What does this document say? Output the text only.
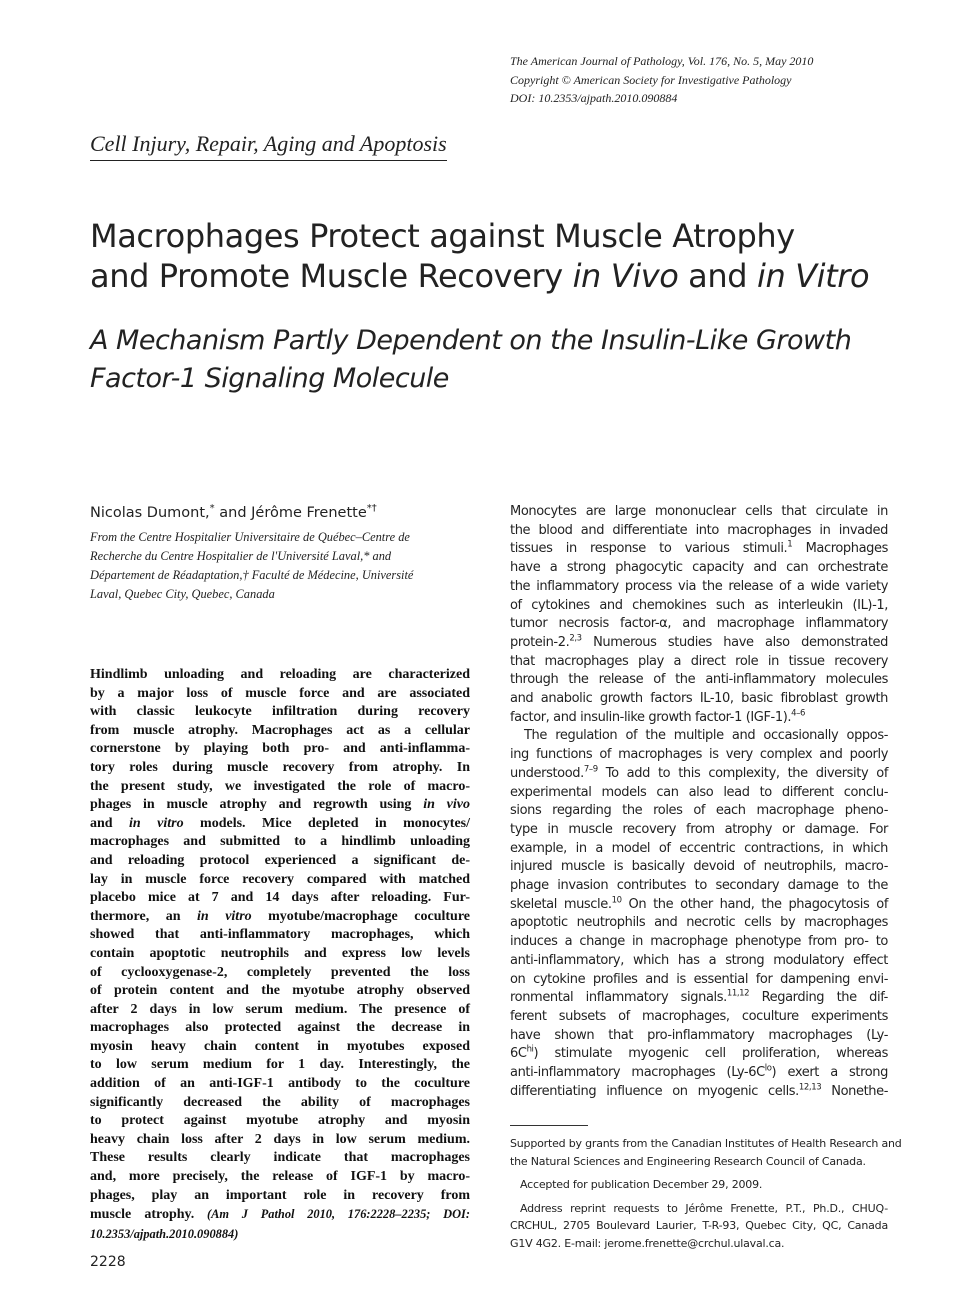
The American Journal of Pathology, Vol. 176, No. 5, May 2010
Copyright © American Society for Investigative Pathology
DOI: 10.2353/ajpath.2010.090884
Cell Injury, Repair, Aging and Apoptosis
Macrophages Protect against Muscle Atrophy
and Promote Muscle Recovery in Vivo and in Vitro
A Mechanism Partly Dependent on the Insulin-Like Growth
Factor-1 Signaling Molecule
Nicolas Dumont,* and Jérôme Frenette*†
From the Centre Hospitalier Universitaire de Québec–Centre de
Recherche du Centre Hospitalier de l'Université Laval,* and
Département de Réadaptation,† Faculté de Médecine, Université
Laval, Quebec City, Quebec, Canada
Hindlimb unloading and reloading are characterized
by a major loss of muscle force and are associated
with classic leukocyte infiltration during recovery
from muscle atrophy. Macrophages act as a cellular
cornerstone by playing both pro- and anti-inflamma-
tory roles during muscle recovery from atrophy. In
the present study, we investigated the role of macro-
phages in muscle atrophy and regrowth using in vivo
and in vitro models. Mice depleted in monocytes/
macrophages and submitted to a hindlimb unloading
and reloading protocol experienced a significant de-
lay in muscle force recovery compared with matched
placebo mice at 7 and 14 days after reloading. Fur-
thermore, an in vitro myotube/macrophage coculture
showed that anti-inflammatory macrophages, which
contain apoptotic neutrophils and express low levels
of cyclooxygenase-2, completely prevented the loss
of protein content and the myotube atrophy observed
after 2 days in low serum medium. The presence of
macrophages also protected against the decrease in
myosin heavy chain content in myotubes exposed
to low serum medium for 1 day. Interestingly, the
addition of an anti-IGF-1 antibody to the coculture
significantly decreased the ability of macrophages
to protect against myotube atrophy and myosin
heavy chain loss after 2 days in low serum medium.
These results clearly indicate that macrophages
and, more precisely, the release of IGF-1 by macro-
phages, play an important role in recovery from
muscle atrophy. (Am J Pathol 2010, 176:2228–2235; DOI:
10.2353/ajpath.2010.090884)
2228
Monocytes are large mononuclear cells that circulate in
the blood and differentiate into macrophages in invaded
tissues in response to various stimuli.$^1$ Macrophages
have a strong phagocytic capacity and can orchestrate
the inflammatory process via the release of a wide variety
of cytokines and chemokines such as interleukin (IL)-1,
tumor necrosis factor-α, and macrophage inflammatory
protein-2.$^{2,3}$ Numerous studies have also demonstrated
that macrophages play a direct role in tissue recovery
through the release of the anti-inflammatory molecules
and anabolic growth factors IL-10, basic fibroblast growth
factor, and insulin-like growth factor-1 (IGF-1).$^{4-6}$
The regulation of the multiple and occasionally oppos-
ing functions of macrophages is very complex and poorly
understood.$^{7-9}$ To add to this complexity, the diversity of
experimental models can also lead to different conclu-
sions regarding the roles of each macrophage pheno-
type in muscle recovery from atrophy or damage. For
example, in a model of eccentric contractions, in which
injured muscle is basically devoid of neutrophils, macro-
phage invasion contributes to secondary damage to the
skeletal muscle.$^{10}$ On the other hand, the phagocytosis of
apoptotic neutrophils and necrotic cells by macrophages
induces a change in macrophage phenotype from pro- to
anti-inflammatory, which has a strong modulatory effect
on cytokine profiles and is essential for dampening envi-
ronmental inflammatory signals.$^{11,12}$ Regarding the dif-
ferent subsets of macrophages, coculture experiments
have shown that pro-inflammatory macrophages (Ly-
$6C^{hi}$) stimulate myogenic cell proliferation, whereas
anti-inflammatory macrophages $(Ly-6C^{lo})$ exert a strong
differentiating influence on myogenic cells.$^{12,13}$ Nonethe-
Supported by grants from the Canadian Institutes of Health Research and
the Natural Sciences and Engineering Research Council of Canada.
Accepted for publication December 29, 2009.
Address reprint requests to Jérôme Frenette, P.T., Ph.D., CHUQ-
CRCHUL, 2705 Boulevard Laurier, T-R-93, Quebec City, QC, Canada
G1V 4G2. E-mail: jerome.frenette@crchul.ulaval.ca.
